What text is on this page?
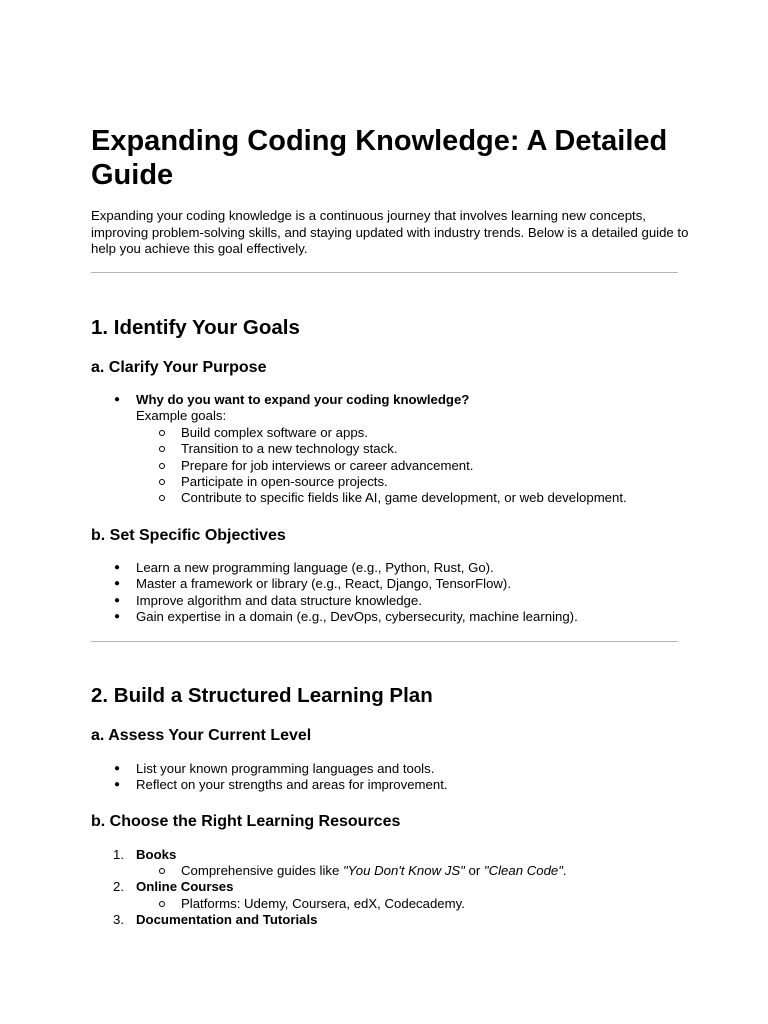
Expanding Coding Knowledge: A Detailed Guide

Expanding your coding knowledge is a continuous journey that involves learning new concepts, improving problem-solving skills, and staying updated with industry trends. Below is a detailed guide to help you achieve this goal effectively.

1. Identify Your Goals
a. Clarify Your Purpose
● Why do you want to expand your coding knowledge?
Example goals:
Build complex software or apps.
Transition to a new technology stack.
Prepare for job interviews or career advancement.
Participate in open-source projects.
Contribute to specific fields like AI, game development, or web development.
b. Set Specific Objectives
● Learn a new programming language (e.g., Python, Rust, Go).
● Master a framework or library (e.g., React, Django, TensorFlow).
● Improve algorithm and data structure knowledge.
● Gain expertise in a domain (e.g., DevOps, cybersecurity, machine learning).
2. Build a Structured Learning Plan
a. Assess Your Current Level
● List your known programming languages and tools.
● Reflect on your strengths and areas for improvement.
b. Choose the Right Learning Resources
1. Books
Comprehensive guides like "You Don't Know JS" or "Clean Code".
2. Online Courses
Platforms: Udemy, Coursera, edX, Codecademy.
3. Documentation and Tutorials
